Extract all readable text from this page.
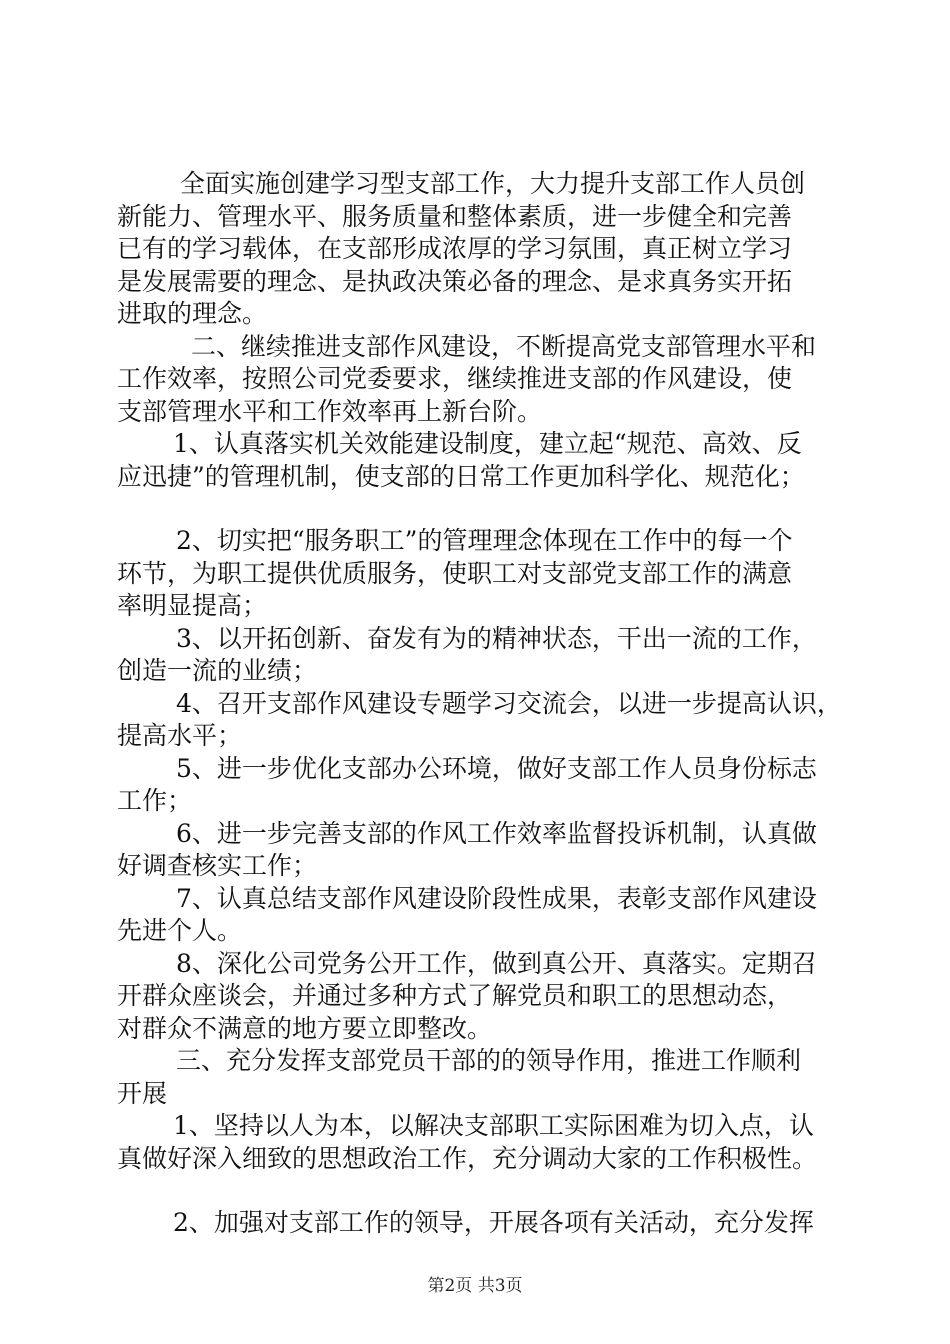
全面实施创建学习型支部工作，大力提升支部工作人员创
新能力、管理水平、服务质量和整体素质，进一步健全和完善
已有的学习载体，在支部形成浓厚的学习氛围，真正树立学习
是发展需要的理念、是执政决策必备的理念、是求真务实开拓
进取的理念。

二、继续推进支部作风建设，不断提高党支部管理水平和
工作效率，按照公司党委要求，继续推进支部的作风建设，使
支部管理水平和工作效率再上新台阶。

1、认真落实机关效能建设制度，建立起“规范、高效、反
应迅捷”的管理机制，使支部的日常工作更加科学化、规范化；

2、切实把“服务职工”的管理理念体现在工作中的每一个
环节，为职工提供优质服务，使职工对支部党支部工作的满意
率明显提高；

3、以开拓创新、奋发有为的精神状态，干出一流的工作，
创造一流的业绩；

4、召开支部作风建设专题学习交流会，以进一步提高认识，
提高水平；

5、进一步优化支部办公环境，做好支部工作人员身份标志
工作；

6、进一步完善支部的作风工作效率监督投诉机制，认真做
好调查核实工作；

7、认真总结支部作风建设阶段性成果，表彰支部作风建设
先进个人。

8、深化公司党务公开工作，做到真公开、真落实。定期召
开群众座谈会，并通过多种方式了解党员和职工的思想动态，
对群众不满意的地方要立即整改。

三、充分发挥支部党员干部的的领导作用，推进工作顺利
开展

1、坚持以人为本，以解决支部职工实际困难为切入点，认
真做好深入细致的思想政治工作，充分调动大家的工作积极性。

2、加强对支部工作的领导，开展各项有关活动，充分发挥

第2页 共3页
